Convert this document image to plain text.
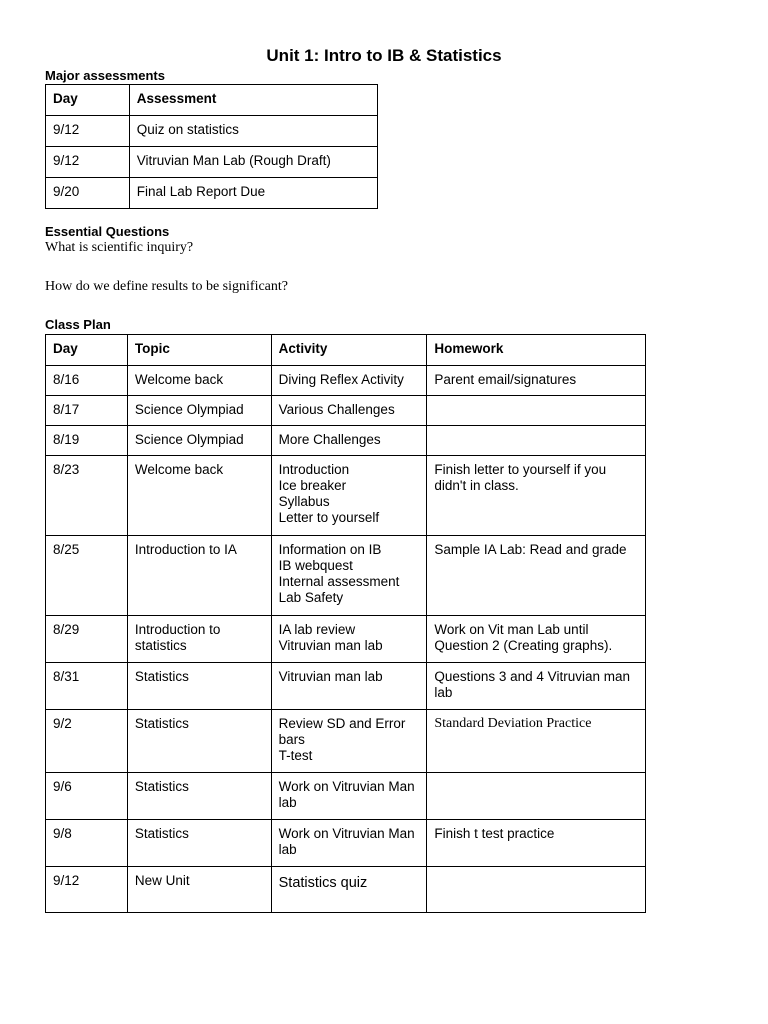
Unit 1: Intro to IB & Statistics
Major assessments
Day	Assessment
9/12	Quiz on statistics
9/12	Vitruvian Man Lab (Rough Draft)
9/20	Final Lab Report Due
Essential Questions
What is scientific inquiry?
How do we define results to be significant?
Class Plan
Day	Topic	Activity	Homework
8/16	Welcome back	Diving Reflex Activity	Parent email/signatures
8/17	Science Olympiad	Various Challenges	

8/19	Science Olympiad	More Challenges	

8/23	Welcome back	Introduction
Ice breaker
Syllabus
Letter to yourself	Finish letter to yourself if you didn't in class.
8/25	Introduction to IA	Information on IB
IB webquest
Internal assessment
Lab Safety	Sample IA Lab: Read and grade
8/29	Introduction to statistics	IA lab review
Vitruvian man lab	Work on Vit man Lab until Question 2 (Creating graphs).
8/31	Statistics	Vitruvian man lab	Questions 3 and 4 Vitruvian man lab
9/2	Statistics	Review SD and Error bars
T-test	Standard Deviation Practice
9/6	Statistics	Work on Vitruvian Man lab	

9/8	Statistics	Work on Vitruvian Man lab	Finish t test practice
9/12	New Unit	Statistics quiz	
